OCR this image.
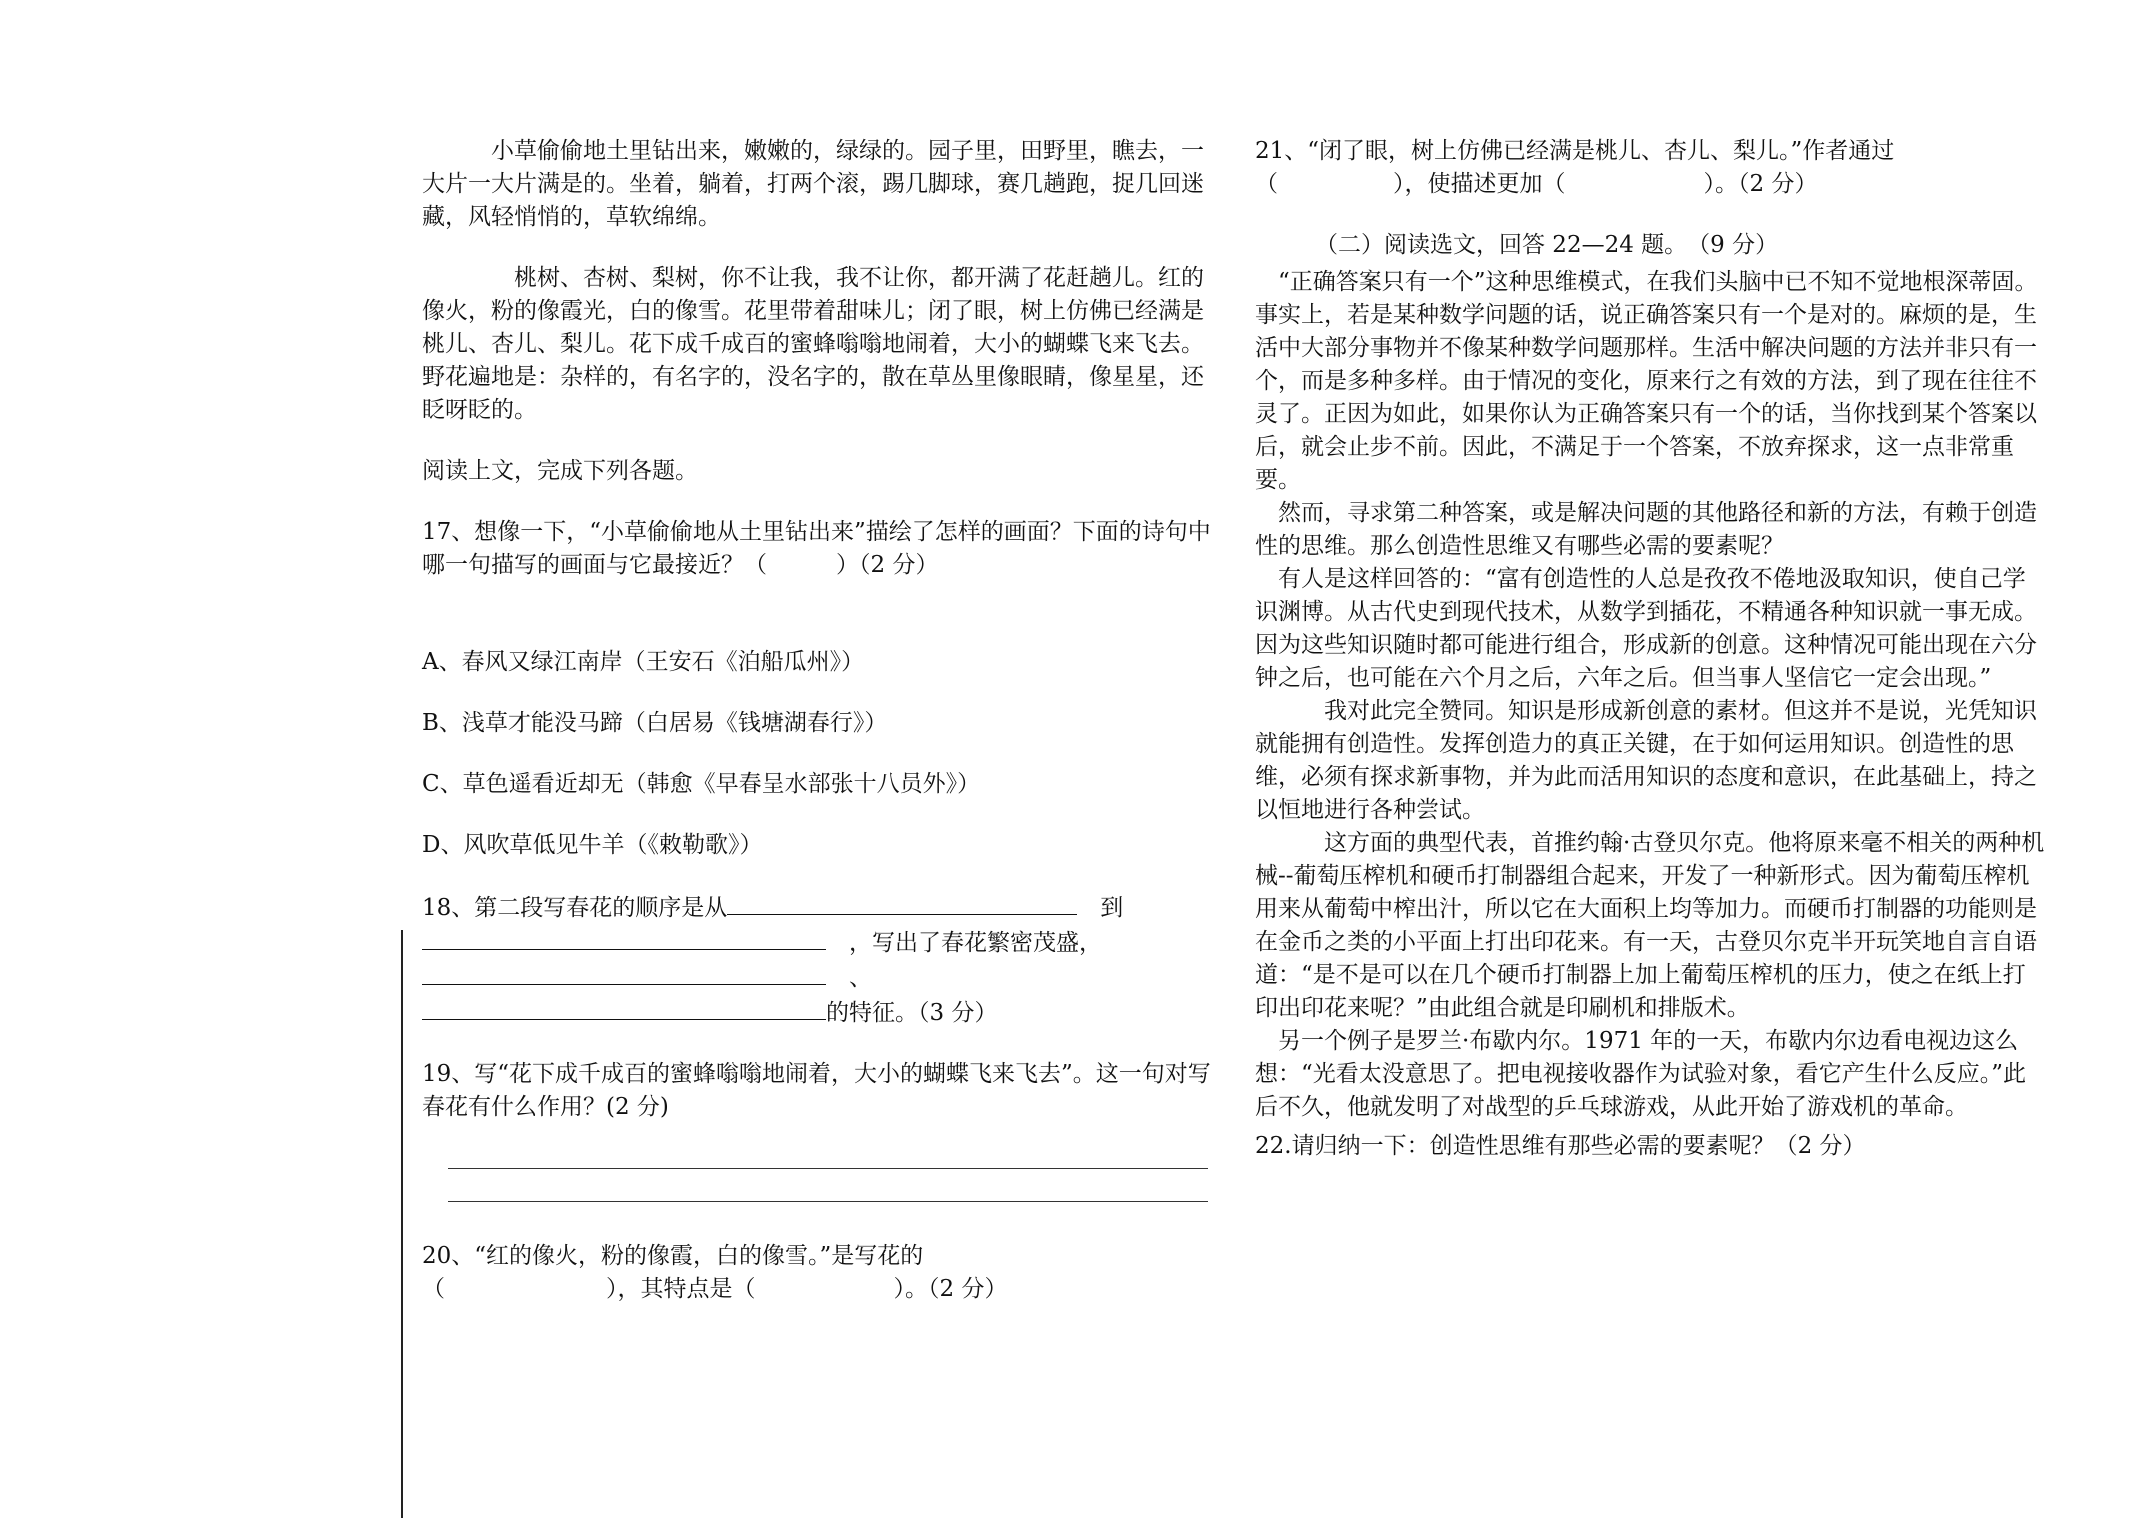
小草偷偷地土里钻出来，嫩嫩的，绿绿的。园子里，田野里，瞧去，一大片一大片满是的。坐着，躺着，打两个滚，踢几脚球，赛几趟跑，捉几回迷藏，风轻悄悄的，草软绵绵。

桃树、杏树、梨树，你不让我，我不让你，都开满了花赶趟儿。红的像火，粉的像霞光，白的像雪。花里带着甜味儿；闭了眼，树上仿佛已经满是桃儿、杏儿、梨儿。花下成千成百的蜜蜂嗡嗡地闹着，大小的蝴蝶飞来飞去。野花遍地是：杂样的，有名字的，没名字的，散在草丛里像眼睛，像星星，还眨呀眨的。

阅读上文，完成下列各题。

17、想像一下，“小草偷偷地从土里钻出来”描绘了怎样的画面？下面的诗句中哪一句描写的画面与它最接近？（　　　）（2 分）

A、春风又绿江南岸（王安石《泊船瓜州》）

B、浅草才能没马蹄（白居易《钱塘湖春行》）

C、草色遥看近却无（韩愈《早春呈水部张十八员外》）

D、风吹草低见牛羊（《敕勒歌》）

18、第二段写春花的顺序是从　	到

　，写出了春花繁密茂盛，

　、

的特征。（3 分）

19、写“花下成千成百的蜜蜂嗡嗡地闹着，大小的蝴蝶飞来飞去”。这一句对写春花有什么作用？(2 分)

20、“红的像火，粉的像霞，白的像雪。”是写花的

（　　　　　　　），其特点是（　　　　　　）。（2 分）

21、“闭了眼，树上仿佛已经满是桃儿、杏儿、梨儿。”作者通过

（　　　　　），使描述更加（　　　　　　）。（2 分）

（二）阅读选文，回答 22—24 题。　（9 分）

“正确答案只有一个”这种思维模式，在我们头脑中已不知不觉地根深蒂固。事实上，若是某种数学问题的话，说正确答案只有一个是对的。麻烦的是，生活中大部分事物并不像某种数学问题那样。生活中解决问题的方法并非只有一个，而是多种多样。由于情况的变化，原来行之有效的方法，到了现在往往不灵了。正因为如此，如果你认为正确答案只有一个的话，当你找到某个答案以后，就会止步不前。因此，不满足于一个答案，不放弃探求，这一点非常重要。

然而，寻求第二种答案，或是解决问题的其他路径和新的方法，有赖于创造性的思维。那么创造性思维又有哪些必需的要素呢？

有人是这样回答的：“富有创造性的人总是孜孜不倦地汲取知识，使自己学识渊博。从古代史到现代技术，从数学到插花，不精通各种知识就一事无成。因为这些知识随时都可能进行组合，形成新的创意。这种情况可能出现在六分钟之后，也可能在六个月之后，六年之后。但当事人坚信它一定会出现。”

我对此完全赞同。知识是形成新创意的素材。但这并不是说，光凭知识就能拥有创造性。发挥创造力的真正关键，在于如何运用知识。创造性的思维，必须有探求新事物，并为此而活用知识的态度和意识，在此基础上，持之以恒地进行各种尝试。

这方面的典型代表，首推约翰·古登贝尔克。他将原来毫不相关的两种机械--葡萄压榨机和硬币打制器组合起来，开发了一种新形式。因为葡萄压榨机用来从葡萄中榨出汁，所以它在大面积上均等加力。而硬币打制器的功能则是在金币之类的小平面上打出印花来。有一天，古登贝尔克半开玩笑地自言自语道：“是不是可以在几个硬币打制器上加上葡萄压榨机的压力，使之在纸上打印出印花来呢？”由此组合就是印刷机和排版术。

另一个例子是罗兰·布歇内尔。1971 年的一天，布歇内尔边看电视边这么想：“光看太没意思了。把电视接收器作为试验对象，看它产生什么反应。”此后不久，他就发明了对战型的乒乓球游戏，从此开始了游戏机的革命。

22.请归纳一下：创造性思维有那些必需的要素呢？（2 分）
